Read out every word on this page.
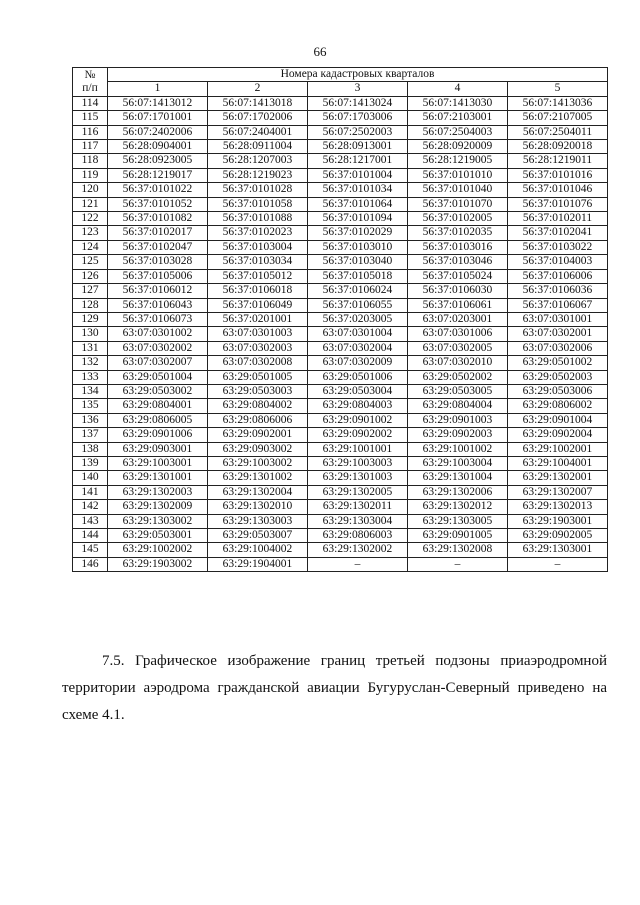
66
№
п/п	Номера кадастровых кварталов				
	1	2	3	4	5
114	56:07:1413012	56:07:1413018	56:07:1413024	56:07:1413030	56:07:1413036
115	56:07:1701001	56:07:1702006	56:07:1703006	56:07:2103001	56:07:2107005
116	56:07:2402006	56:07:2404001	56:07:2502003	56:07:2504003	56:07:2504011
117	56:28:0904001	56:28:0911004	56:28:0913001	56:28:0920009	56:28:0920018
118	56:28:0923005	56:28:1207003	56:28:1217001	56:28:1219005	56:28:1219011
119	56:28:1219017	56:28:1219023	56:37:0101004	56:37:0101010	56:37:0101016
120	56:37:0101022	56:37:0101028	56:37:0101034	56:37:0101040	56:37:0101046
121	56:37:0101052	56:37:0101058	56:37:0101064	56:37:0101070	56:37:0101076
122	56:37:0101082	56:37:0101088	56:37:0101094	56:37:0102005	56:37:0102011
123	56:37:0102017	56:37:0102023	56:37:0102029	56:37:0102035	56:37:0102041
124	56:37:0102047	56:37:0103004	56:37:0103010	56:37:0103016	56:37:0103022
125	56:37:0103028	56:37:0103034	56:37:0103040	56:37:0103046	56:37:0104003
126	56:37:0105006	56:37:0105012	56:37:0105018	56:37:0105024	56:37:0106006
127	56:37:0106012	56:37:0106018	56:37:0106024	56:37:0106030	56:37:0106036
128	56:37:0106043	56:37:0106049	56:37:0106055	56:37:0106061	56:37:0106067
129	56:37:0106073	56:37:0201001	56:37:0203005	63:07:0203001	63:07:0301001
130	63:07:0301002	63:07:0301003	63:07:0301004	63:07:0301006	63:07:0302001
131	63:07:0302002	63:07:0302003	63:07:0302004	63:07:0302005	63:07:0302006
132	63:07:0302007	63:07:0302008	63:07:0302009	63:07:0302010	63:29:0501002
133	63:29:0501004	63:29:0501005	63:29:0501006	63:29:0502002	63:29:0502003
134	63:29:0503002	63:29:0503003	63:29:0503004	63:29:0503005	63:29:0503006
135	63:29:0804001	63:29:0804002	63:29:0804003	63:29:0804004	63:29:0806002
136	63:29:0806005	63:29:0806006	63:29:0901002	63:29:0901003	63:29:0901004
137	63:29:0901006	63:29:0902001	63:29:0902002	63:29:0902003	63:29:0902004
138	63:29:0903001	63:29:0903002	63:29:1001001	63:29:1001002	63:29:1002001
139	63:29:1003001	63:29:1003002	63:29:1003003	63:29:1003004	63:29:1004001
140	63:29:1301001	63:29:1301002	63:29:1301003	63:29:1301004	63:29:1302001
141	63:29:1302003	63:29:1302004	63:29:1302005	63:29:1302006	63:29:1302007
142	63:29:1302009	63:29:1302010	63:29:1302011	63:29:1302012	63:29:1302013
143	63:29:1303002	63:29:1303003	63:29:1303004	63:29:1303005	63:29:1903001
144	63:29:0503001	63:29:0503007	63:29:0806003	63:29:0901005	63:29:0902005
145	63:29:1002002	63:29:1004002	63:29:1302002	63:29:1302008	63:29:1303001
146	63:29:1903002	63:29:1904001	–	–	–

7.5. Графическое изображение границ третьей подзоны приаэродромной

территории аэродрома гражданской авиации Бугуруслан-Северный приведено на

схеме 4.1.
